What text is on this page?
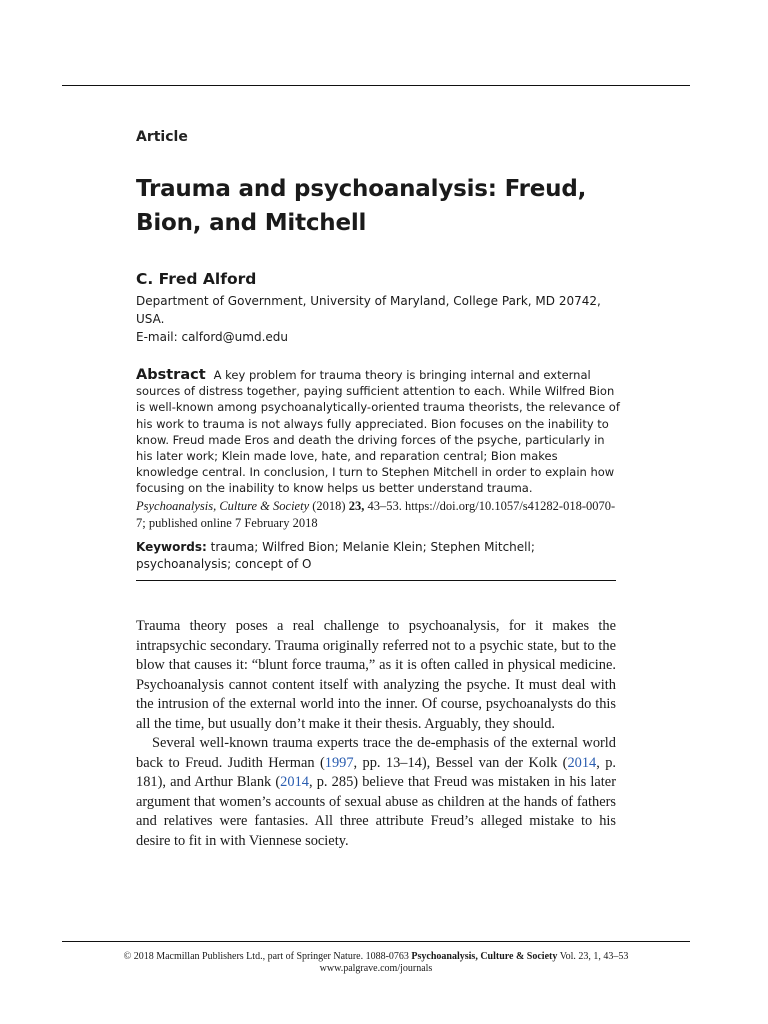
Article
Trauma and psychoanalysis: Freud,
Bion, and Mitchell
C. Fred Alford
Department of Government, University of Maryland, College Park, MD 20742, USA.
E-mail: calford@umd.edu
Abstract A key problem for trauma theory is bringing internal and external sources of distress together, paying sufficient attention to each. While Wilfred Bion is well-known among psychoanalytically-oriented trauma theorists, the relevance of his work to trauma is not always fully appreciated. Bion focuses on the inability to know. Freud made Eros and death the driving forces of the psyche, particularly in his later work; Klein made love, hate, and reparation central; Bion makes knowledge central. In conclusion, I turn to Stephen Mitchell in order to explain how focusing on the inability to know helps us better understand trauma.
Psychoanalysis, Culture & Society (2018) 23, 43–53. https://doi.org/10.1057/s41282-018-0070-7; published online 7 February 2018
Keywords: trauma; Wilfred Bion; Melanie Klein; Stephen Mitchell; psychoanalysis; concept of O

Trauma theory poses a real challenge to psychoanalysis, for it makes the intrapsychic secondary. Trauma originally referred not to a psychic state, but to the blow that causes it: “blunt force trauma,” as it is often called in physical medicine. Psychoanalysis cannot content itself with analyzing the psyche. It must deal with the intrusion of the external world into the inner. Of course, psychoanalysts do this all the time, but usually don’t make it their thesis. Arguably, they should.

Several well-known trauma experts trace the de-emphasis of the external world back to Freud. Judith Herman (1997, pp. 13–14), Bessel van der Kolk (2014, p. 181), and Arthur Blank (2014, p. 285) believe that Freud was mistaken in his later argument that women’s accounts of sexual abuse as children at the hands of fathers and relatives were fantasies. All three attribute Freud’s alleged mistake to his desire to fit in with Viennese society.

© 2018 Macmillan Publishers Ltd., part of Springer Nature. 1088-0763 Psychoanalysis, Culture & Society Vol. 23, 1, 43–53
www.palgrave.com/journals
